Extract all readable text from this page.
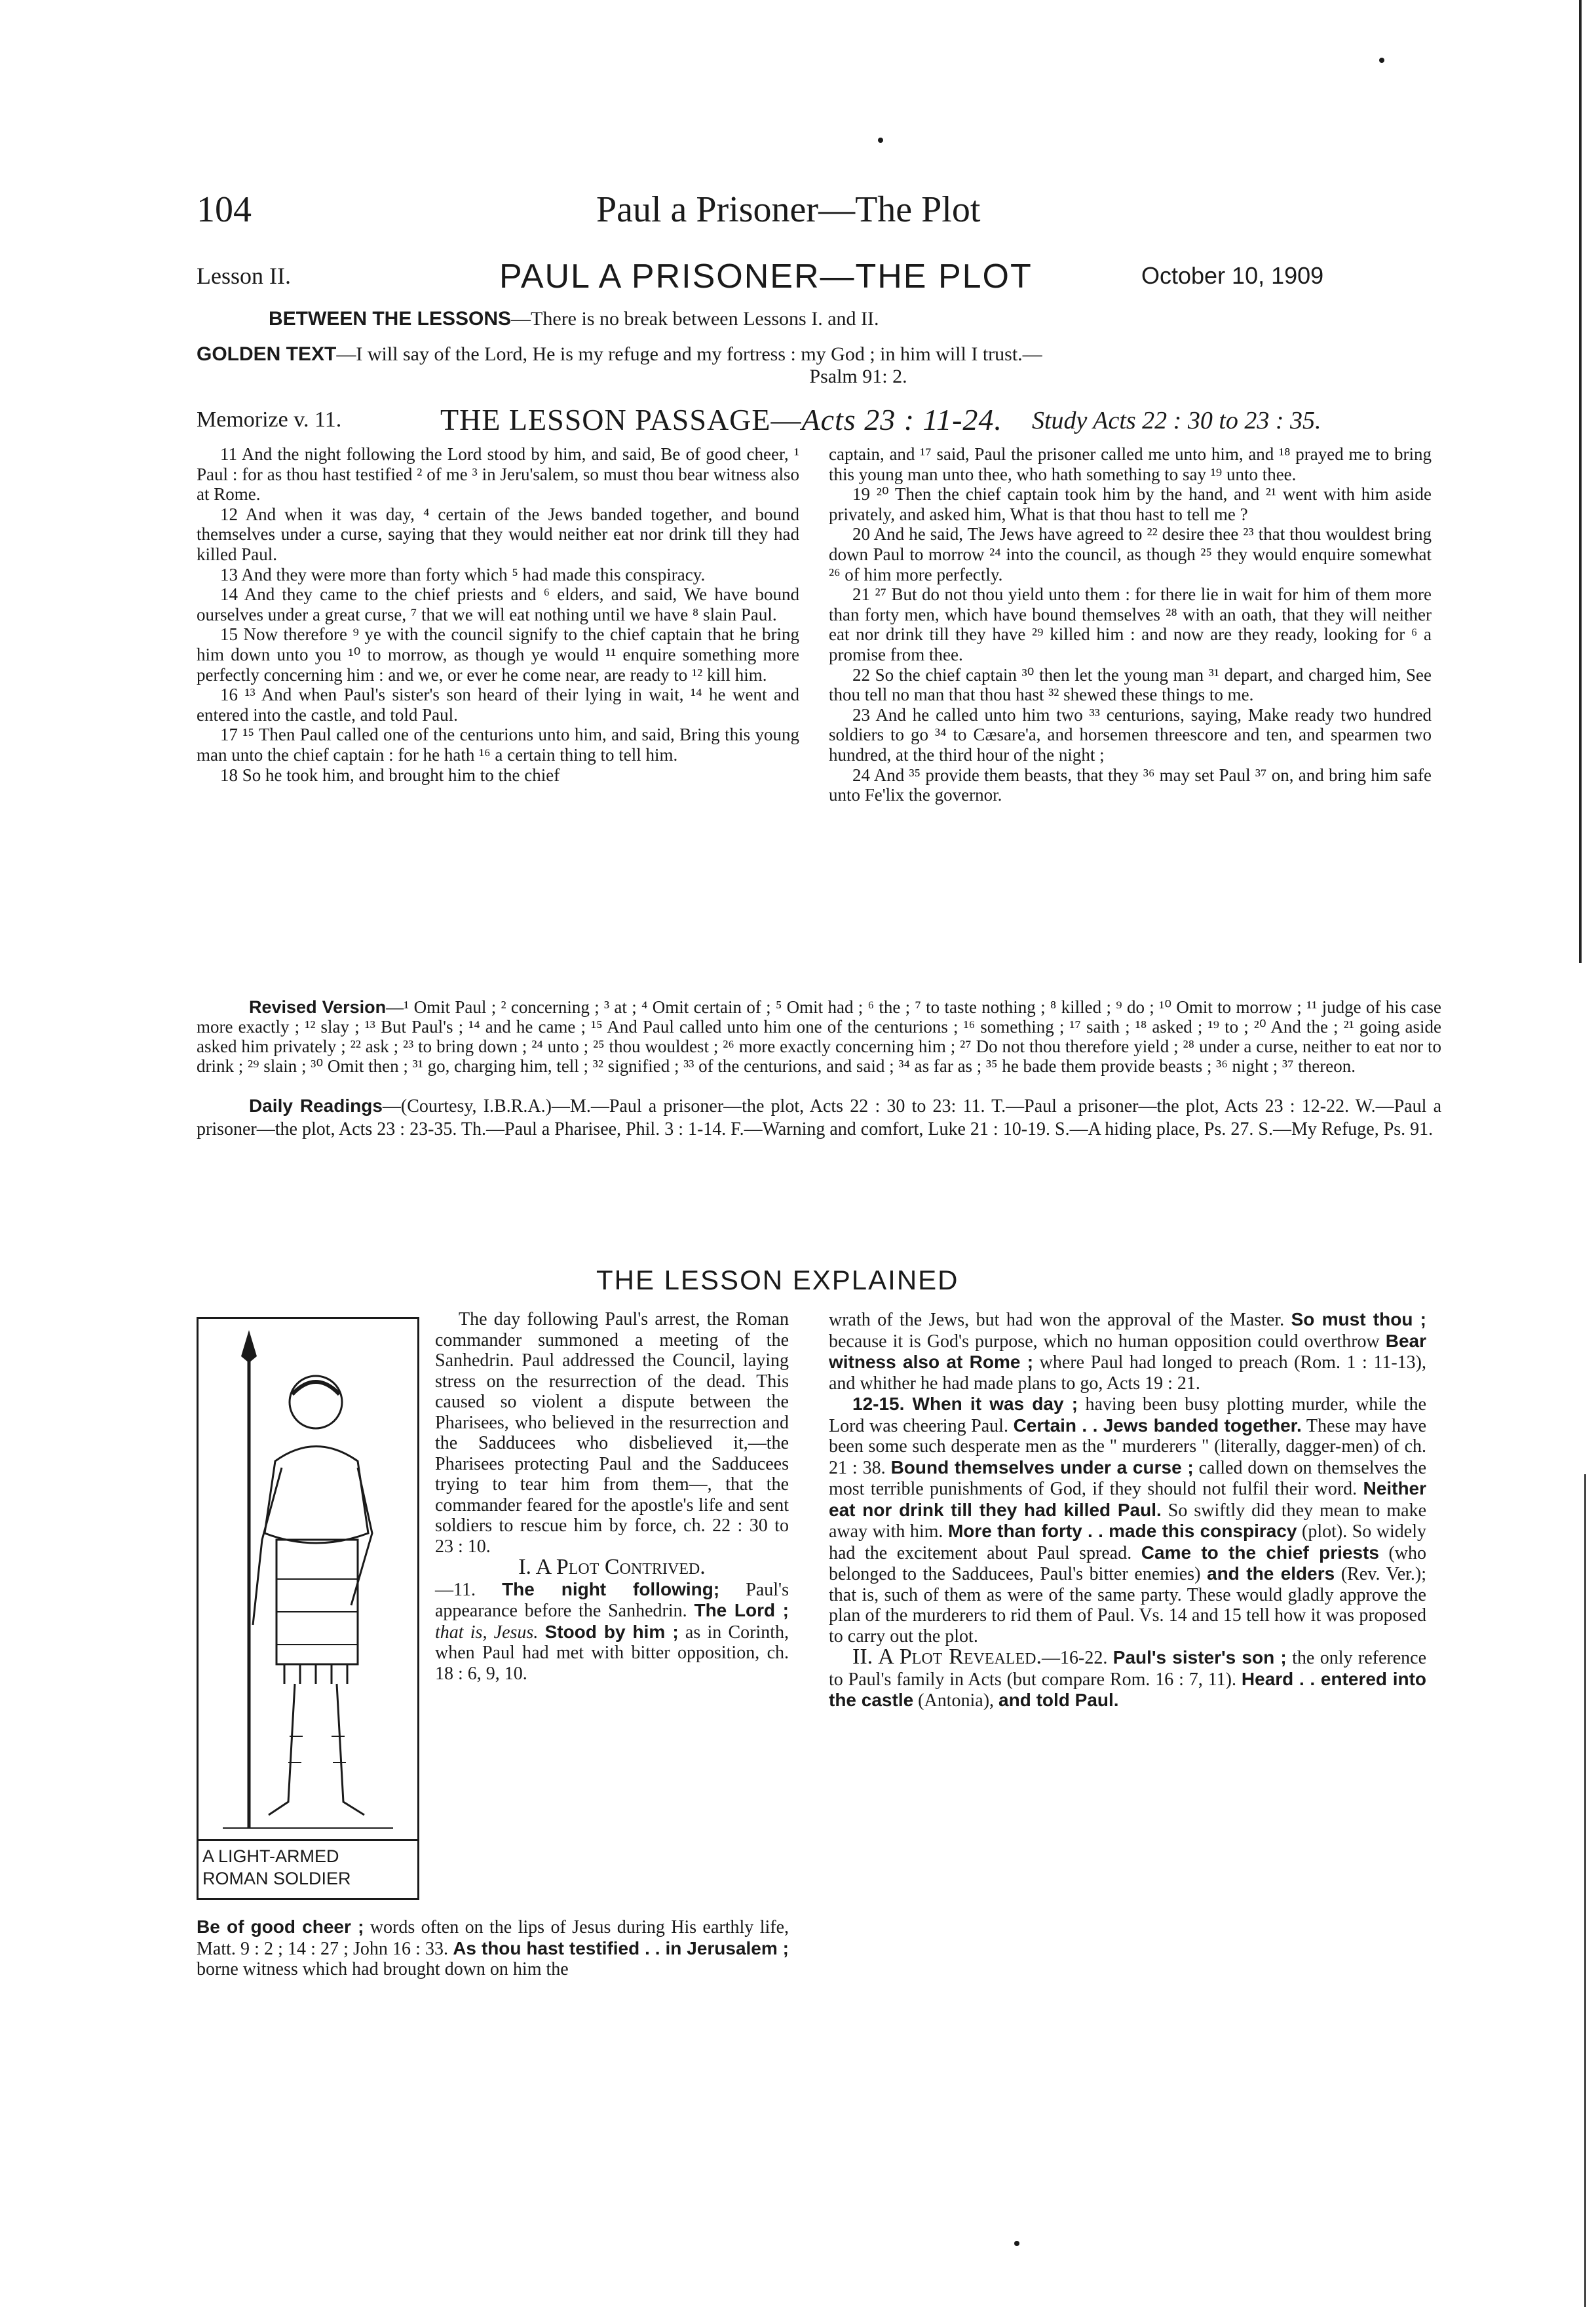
104	Paul a Prisoner—The Plot
Lesson II.	PAUL A PRISONER—THE PLOT	October 10, 1909
BETWEEN THE LESSONS—There is no break between Lessons I. and II.
GOLDEN TEXT—I will say of the Lord, He is my refuge and my fortress : my God ; in him will I trust.—
Psalm 91: 2.
Memorize v. 11.	THE LESSON PASSAGE—Acts 23 : 11-24. Study Acts 22 : 30 to 23 : 35.

11 And the night following the Lord stood by him, and said, Be of good cheer, ¹ Paul : for as thou hast testified ² of me ³ in Jeru'salem, so must thou bear witness also at Rome.

12 And when it was day, ⁴ certain of the Jews banded together, and bound themselves under a curse, saying that they would neither eat nor drink till they had killed Paul.

13 And they were more than forty which ⁵ had made this conspiracy.

14 And they came to the chief priests and ⁶ elders, and said, We have bound ourselves under a great curse, ⁷ that we will eat nothing until we have ⁸ slain Paul.

15 Now therefore ⁹ ye with the council signify to the chief captain that he bring him down unto you ¹⁰ to morrow, as though ye would ¹¹ enquire something more perfectly concerning him : and we, or ever he come near, are ready to ¹² kill him.

16 ¹³ And when Paul's sister's son heard of their lying in wait, ¹⁴ he went and entered into the castle, and told Paul.

17 ¹⁵ Then Paul called one of the centurions unto him, and said, Bring this young man unto the chief captain : for he hath ¹⁶ a certain thing to tell him.

18 So he took him, and brought him to the chief

captain, and ¹⁷ said, Paul the prisoner called me unto him, and ¹⁸ prayed me to bring this young man unto thee, who hath something to say ¹⁹ unto thee.

19 ²⁰ Then the chief captain took him by the hand, and ²¹ went with him aside privately, and asked him, What is that thou hast to tell me ?

20 And he said, The Jews have agreed to ²² desire thee ²³ that thou wouldest bring down Paul to morrow ²⁴ into the council, as though ²⁵ they would enquire somewhat ²⁶ of him more perfectly.

21 ²⁷ But do not thou yield unto them : for there lie in wait for him of them more than forty men, which have bound themselves ²⁸ with an oath, that they will neither eat nor drink till they have ²⁹ killed him : and now are they ready, looking for ⁶ a promise from thee.

22 So the chief captain ³⁰ then let the young man ³¹ depart, and charged him, See thou tell no man that thou hast ³² shewed these things to me.

23 And he called unto him two ³³ centurions, saying, Make ready two hundred soldiers to go ³⁴ to Cæsare'a, and horsemen threescore and ten, and spearmen two hundred, at the third hour of the night ;

24 And ³⁵ provide them beasts, that they ³⁶ may set Paul ³⁷ on, and bring him safe unto Fe'lix the governor.

Revised Version—¹ Omit Paul ; ² concerning ; ³ at ; ⁴ Omit certain of ; ⁵ Omit had ; ⁶ the ; ⁷ to taste nothing ; ⁸ killed ; ⁹ do ; ¹⁰ Omit to morrow ; ¹¹ judge of his case more exactly ; ¹² slay ; ¹³ But Paul's ; ¹⁴ and he came ; ¹⁵ And Paul called unto him one of the centurions ; ¹⁶ something ; ¹⁷ saith ; ¹⁸ asked ; ¹⁹ to ; ²⁰ And the ; ²¹ going aside asked him privately ; ²² ask ; ²³ to bring down ; ²⁴ unto ; ²⁵ thou wouldest ; ²⁶ more exactly concerning him ; ²⁷ Do not thou therefore yield ; ²⁸ under a curse, neither to eat nor to drink ; ²⁹ slain ; ³⁰ Omit then ; ³¹ go, charging him, tell ; ³² signified ; ³³ of the centurions, and said ; ³⁴ as far as ; ³⁵ he bade them provide beasts ; ³⁶ night ; ³⁷ thereon.
Daily Readings—(Courtesy, I.B.R.A.)—M.—Paul a prisoner—the plot, Acts 22 : 30 to 23: 11. T.—Paul a prisoner—the plot, Acts 23 : 12-22. W.—Paul a prisoner—the plot, Acts 23 : 23-35. Th.—Paul a Pharisee, Phil. 3 : 1-14. F.—Warning and comfort, Luke 21 : 10-19. S.—A hiding place, Ps. 27. S.—My Refuge, Ps. 91.
THE LESSON EXPLAINED
A LIGHT-ARMED
ROMAN SOLDIER

The day following Paul's arrest, the Roman commander summoned a meeting of the Sanhedrin. Paul addressed the Council, laying stress on the resurrection of the dead. This caused so violent a dispute between the Pharisees, who believed in the resurrection and the Sadducees who disbelieved it,—the Pharisees protecting Paul and the Sadducees trying to tear him from them—, that the commander feared for the apostle's life and sent soldiers to rescue him by force, ch. 22 : 30 to 23 : 10.

I. A Plot Contrived.

—11. The night following; Paul's appearance before the Sanhedrin. The Lord ; that is, Jesus. Stood by him ; as in Corinth, when Paul had met with bitter opposition, ch. 18 : 6, 9, 10.

Be of good cheer ; words often on the lips of Jesus during His earthly life, Matt. 9 : 2 ; 14 : 27 ; John 16 : 33. As thou hast testified . . in Jerusalem ; borne witness which had brought down on him the

wrath of the Jews, but had won the approval of the Master. So must thou ; because it is God's purpose, which no human opposition could overthrow Bear witness also at Rome ; where Paul had longed to preach (Rom. 1 : 11-13), and whither he had made plans to go, Acts 19 : 21.

12-15. When it was day ; having been busy plotting murder, while the Lord was cheering Paul. Certain . . Jews banded together. These may have been some such desperate men as the " murderers " (literally, dagger-men) of ch. 21 : 38. Bound themselves under a curse ; called down on themselves the most terrible punishments of God, if they should not fulfil their word. Neither eat nor drink till they had killed Paul. So swiftly did they mean to make away with him. More than forty . . made this conspiracy (plot). So widely had the excitement about Paul spread. Came to the chief priests (who belonged to the Sadducees, Paul's bitter enemies) and the elders (Rev. Ver.); that is, such of them as were of the same party. These would gladly approve the plan of the murderers to rid them of Paul. Vs. 14 and 15 tell how it was proposed to carry out the plot.

II. A Plot Revealed.—16-22. Paul's sister's son ; the only reference to Paul's family in Acts (but compare Rom. 16 : 7, 11). Heard . . entered into the castle (Antonia), and told Paul.
